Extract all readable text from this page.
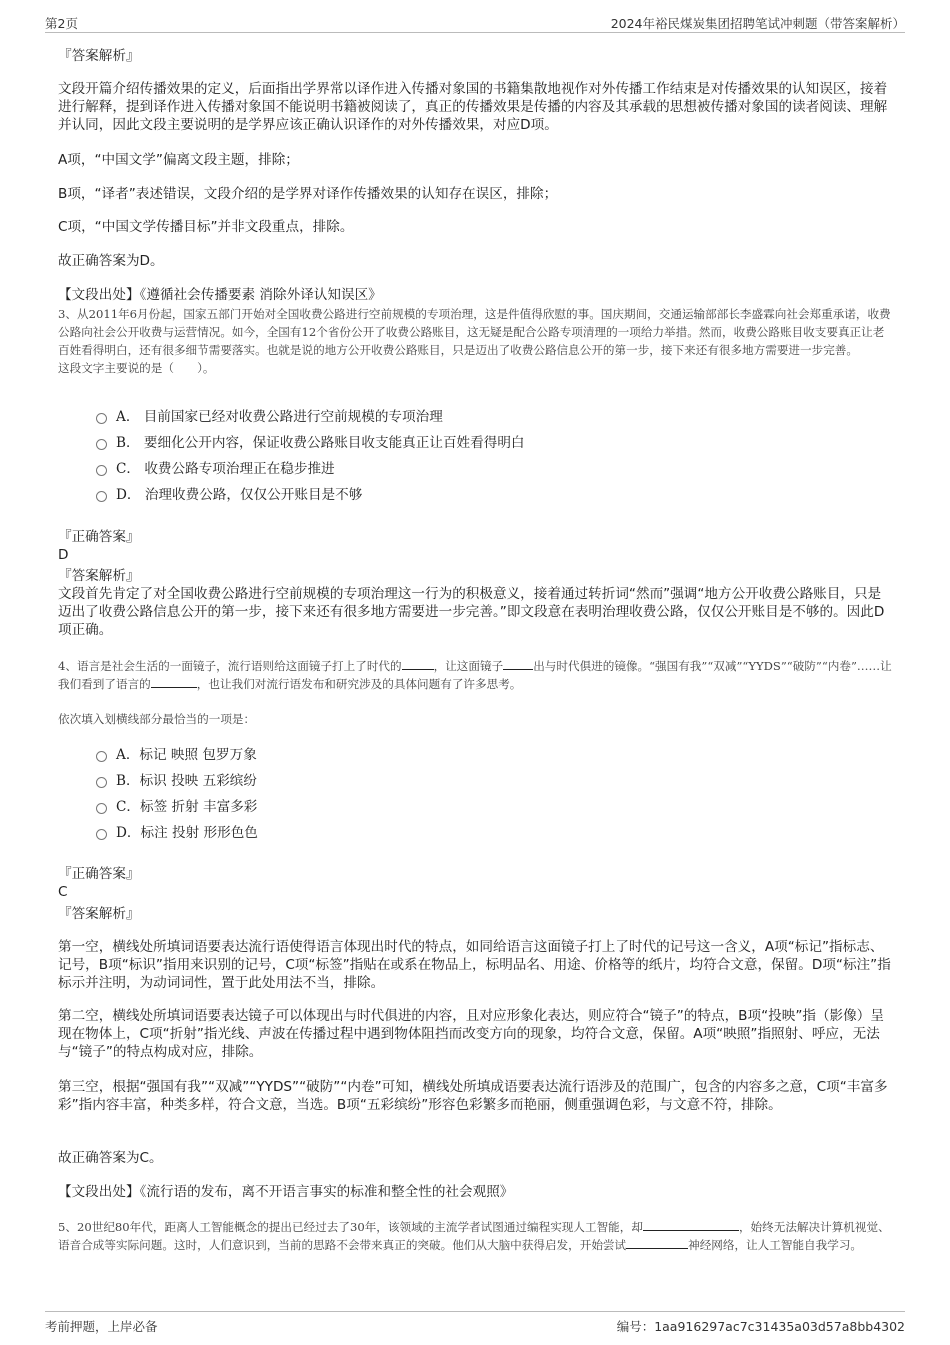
第2页	2024年裕民煤炭集团招聘笔试冲刺题（带答案解析）
『答案解析』
文段开篇介绍传播效果的定义，后面指出学界常以译作进入传播对象国的书籍集散地视作对外传播工作结束是对传播效果的认知误区，接着进行解释，提到译作进入传播对象国不能说明书籍被阅读了，真正的传播效果是传播的内容及其承载的思想被传播对象国的读者阅读、理解并认同，因此文段主要说明的是学界应该正确认识译作的对外传播效果，对应D项。
A项，“中国文学”偏离文段主题，排除；
B项，“译者”表述错误，文段介绍的是学界对译作传播效果的认知存在误区，排除；
C项，“中国文学传播目标”并非文段重点，排除。
故正确答案为D。
【文段出处】《遵循社会传播要素 消除外译认知误区》
3、从2011年6月份起，国家五部门开始对全国收费公路进行空前规模的专项治理，这是件值得欣慰的事。国庆期间，交通运输部部长李盛霖向社会郑重承诺，收费公路向社会公开收费与运营情况。如今，全国有12个省份公开了收费公路账目，这无疑是配合公路专项清理的一项给力举措。然而，收费公路账目收支要真正让老百姓看得明白，还有很多细节需要落实。也就是说的地方公开收费公路账目，只是迈出了收费公路信息公开的第一步，接下来还有很多地方需要进一步完善。
这段文字主要说的是（　　）。
A． 目前国家已经对收费公路进行空前规模的专项治理
B． 要细化公开内容，保证收费公路账目收支能真正让百姓看得明白
C． 收费公路专项治理正在稳步推进
D． 治理收费公路，仅仅公开账目是不够
『正确答案』
D
『答案解析』
文段首先肯定了对全国收费公路进行空前规模的专项治理这一行为的积极意义，接着通过转折词“然而”强调“地方公开收费公路账目，只是迈出了收费公路信息公开的第一步，接下来还有很多地方需要进一步完善。”即文段意在表明治理收费公路，仅仅公开账目是不够的。因此D项正确。
4、语言是社会生活的一面镜子，流行语则给这面镜子打上了时代的	，让这面镜子	出与时代俱进的镜像。“强国有我”“双减”“YYDS”“破防”“内卷”……让我们看到了语言的	，也让我们对流行语发布和研究涉及的具体问题有了许多思考。
依次填入划横线部分最恰当的一项是：
A．标记 映照 包罗万象
B．标识 投映 五彩缤纷
C．标签 折射 丰富多彩
D．标注 投射 形形色色
『正确答案』
C
『答案解析』
第一空，横线处所填词语要表达流行语使得语言体现出时代的特点，如同给语言这面镜子打上了时代的记号这一含义，A项“标记”指标志、记号，B项“标识”指用来识别的记号，C项“标签”指贴在或系在物品上，标明品名、用途、价格等的纸片，均符合文意，保留。D项“标注”指标示并注明，为动词词性，置于此处用法不当，排除。
第二空，横线处所填词语要表达镜子可以体现出与时代俱进的内容，且对应形象化表达，则应符合“镜子”的特点，B项“投映”指（影像）呈现在物体上，C项“折射”指光线、声波在传播过程中遇到物体阻挡而改变方向的现象，均符合文意，保留。A项“映照”指照射、呼应，无法与“镜子”的特点构成对应，排除。
第三空，根据“强国有我”“双减”“YYDS”“破防”“内卷”可知，横线处所填成语要表达流行语涉及的范围广，包含的内容多之意，C项“丰富多彩”指内容丰富，种类多样，符合文意，当选。B项“五彩缤纷”形容色彩繁多而艳丽，侧重强调色彩，与文意不符，排除。
故正确答案为C。
【文段出处】《流行语的发布，离不开语言事实的标准和整全性的社会观照》
5、20世纪80年代，距离人工智能概念的提出已经过去了30年，该领域的主流学者试图通过编程实现人工智能，却	，始终无法解决计算机视觉、语音合成等实际问题。这时，人们意识到，当前的思路不会带来真正的突破。他们从大脑中获得启发，开始尝试	神经网络，让人工智能自我学习。
考前押题，上岸必备	编号：1aa916297ac7c31435a03d57a8bb4302
